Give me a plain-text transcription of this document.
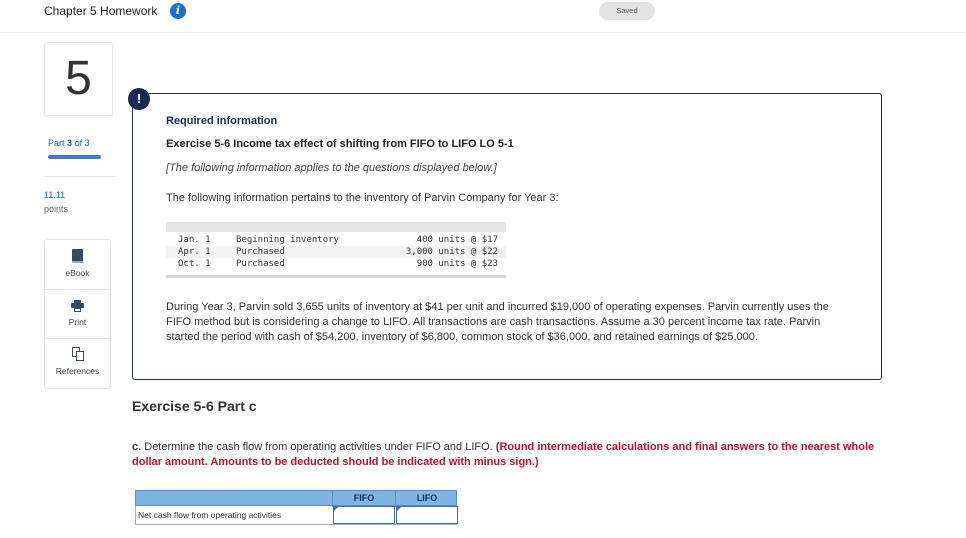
Chapter 5 Homework	i	Saved
5
Part 3 of 3
11.11
points
eBook
Print
References
!
Required information
Exercise 5-6 Income tax effect of shifting from FIFO to LIFO LO 5-1
[The following information applies to the questions displayed below.]
The following information pertains to the inventory of Parvin Company for Year 3:
Jan. 1	Beginning inventory	400 units @ $17
Apr. 1	Purchased	3,000 units @ $22
Oct. 1	Purchased	900 units @ $23
During Year 3, Parvin sold 3,655 units of inventory at $41 per unit and incurred $19,000 of operating expenses. Parvin currently uses the FIFO method but is considering a change to LIFO. All transactions are cash transactions. Assume a 30 percent income tax rate. Parvin started the period with cash of $54,200, inventory of $6,800, common stock of $36,000, and retained earnings of $25,000.
Exercise 5-6 Part c
c. Determine the cash flow from operating activities under FIFO and LIFO. (Round intermediate calculations and final answers to the nearest whole dollar amount. Amounts to be deducted should be indicated with minus sign.)
FIFO	LIFO
Net cash flow from operating activities
